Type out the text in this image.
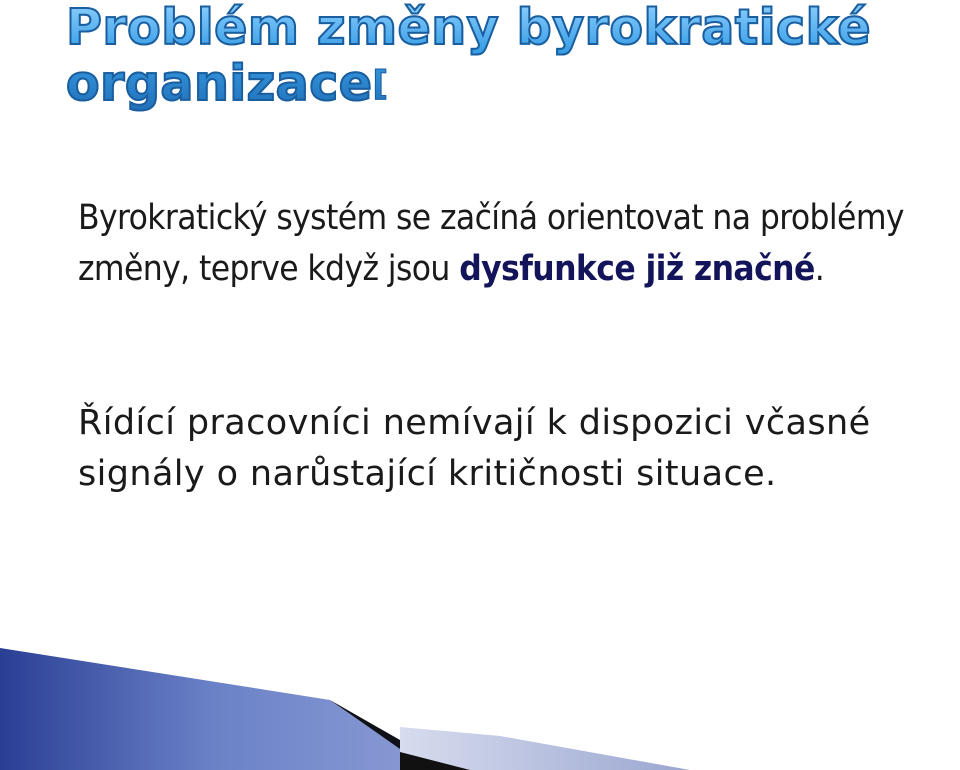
Problém změny byrokratické organizace[

Byrokratický systém se začíná orientovat na problémy změny, teprve když jsou dysfunkce již značné.

Řídící pracovníci nemívají k dispozici včasné signály o narůstající kritičnosti situace.
